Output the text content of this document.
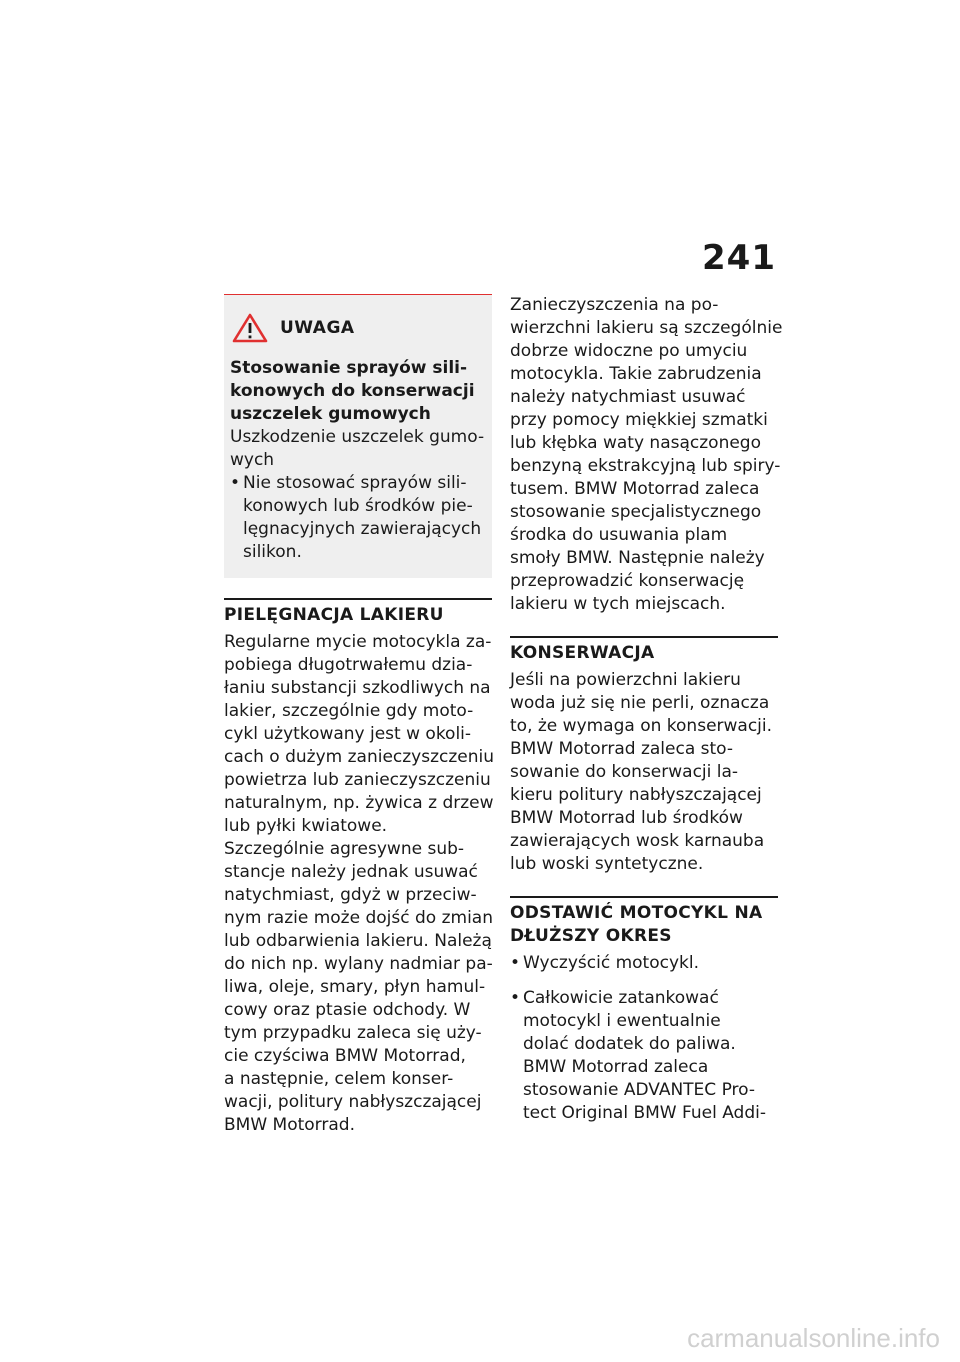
241
UWAGA
Stosowanie sprayów sili-
konowych do konserwacji
uszczelek gumowych
Uszkodzenie uszczelek gumo-
wych
• Nie stosować sprayów sili-
konowych lub środków pie-
lęgnacyjnych zawierających
silikon.
PIELĘGNACJA LAKIERU
Regularne mycie motocykla za-
pobiega długotrwałemu dzia-
łaniu substancji szkodliwych na
lakier, szczególnie gdy moto-
cykl użytkowany jest w okoli-
cach o dużym zanieczyszczeniu
powietrza lub zanieczyszczeniu
naturalnym, np. żywica z drzew
lub pyłki kwiatowe.
Szczególnie agresywne sub-
stancje należy jednak usuwać
natychmiast, gdyż w przeciw-
nym razie może dojść do zmian
lub odbarwienia lakieru. Należą
do nich np. wylany nadmiar pa-
liwa, oleje, smary, płyn hamul-
cowy oraz ptasie odchody. W
tym przypadku zaleca się uży-
cie czyściwa BMW Motorrad,
a następnie, celem konser-
wacji, politury nabłyszczającej
BMW Motorrad.
Zanieczyszczenia na po-
wierzchni lakieru są szczególnie
dobrze widoczne po umyciu
motocykla. Takie zabrudzenia
należy natychmiast usuwać
przy pomocy miękkiej szmatki
lub kłębka waty nasączonego
benzyną ekstrakcyjną lub spiry-
tusem. BMW Motorrad zaleca
stosowanie specjalistycznego
środka do usuwania plam
smoły BMW. Następnie należy
przeprowadzić konserwację
lakieru w tych miejscach.
KONSERWACJA
Jeśli na powierzchni lakieru
woda już się nie perli, oznacza
to, że wymaga on konserwacji.
BMW Motorrad zaleca sto-
sowanie do konserwacji la-
kieru politury nabłyszczającej
BMW Motorrad lub środków
zawierających wosk karnauba
lub woski syntetyczne.
ODSTAWIĆ MOTOCYKL NA
DŁUŻSZY OKRES
• Wyczyścić motocykl.
• Całkowicie zatankować
motocykl i ewentualnie
dolać dodatek do paliwa.
BMW Motorrad zaleca
stosowanie ADVANTEC Pro-
tect Original BMW Fuel Addi-
carmanualsonline.info
